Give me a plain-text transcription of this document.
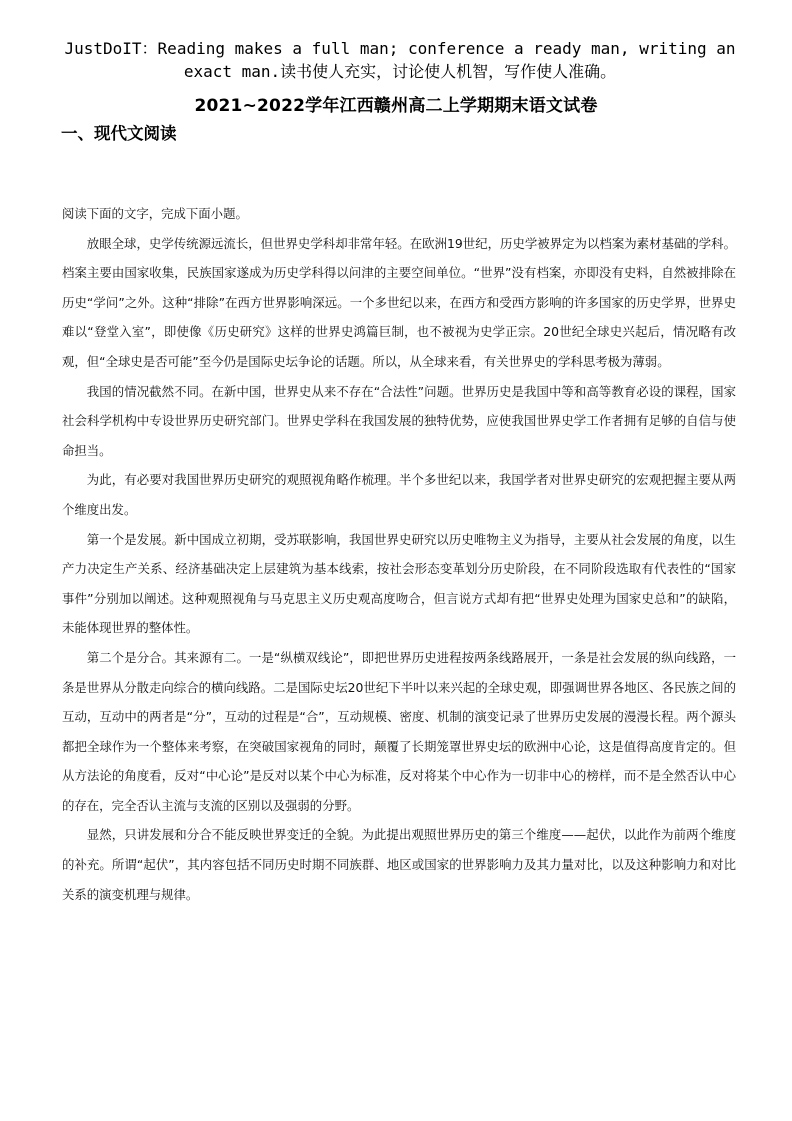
JustDoIT：Reading makes a full man; conference a ready man, writing an exact man.读书使人充实，讨论使人机智，写作使人准确。
2021~2022学年江西赣州高二上学期期末语文试卷
一、现代文阅读

阅读下面的文字，完成下面小题。

放眼全球，史学传统源远流长，但世界史学科却非常年轻。在欧洲19世纪，历史学被界定为以档案为素材基础的学科。档案主要由国家收集，民族国家遂成为历史学科得以问津的主要空间单位。“世界”没有档案，亦即没有史料，自然被排除在历史“学问”之外。这种“排除”在西方世界影响深远。一个多世纪以来，在西方和受西方影响的许多国家的历史学界，世界史难以“登堂入室”，即使像《历史研究》这样的世界史鸿篇巨制，也不被视为史学正宗。20世纪全球史兴起后，情况略有改观，但“全球史是否可能”至今仍是国际史坛争论的话题。所以，从全球来看，有关世界史的学科思考极为薄弱。

我国的情况截然不同。在新中国，世界史从来不存在“合法性”问题。世界历史是我国中等和高等教育必设的课程，国家社会科学机构中专设世界历史研究部门。世界史学科在我国发展的独特优势，应使我国世界史学工作者拥有足够的自信与使命担当。

为此，有必要对我国世界历史研究的观照视角略作梳理。半个多世纪以来，我国学者对世界史研究的宏观把握主要从两个维度出发。

第一个是发展。新中国成立初期，受苏联影响，我国世界史研究以历史唯物主义为指导，主要从社会发展的角度，以生产力决定生产关系、经济基础决定上层建筑为基本线索，按社会形态变革划分历史阶段，在不同阶段选取有代表性的“国家事件”分别加以阐述。这种观照视角与马克思主义历史观高度吻合，但言说方式却有把“世界史处理为国家史总和”的缺陷，未能体现世界的整体性。

第二个是分合。其来源有二。一是“纵横双线论”，即把世界历史进程按两条线路展开，一条是社会发展的纵向线路，一条是世界从分散走向综合的横向线路。二是国际史坛20世纪下半叶以来兴起的全球史观，即强调世界各地区、各民族之间的互动，互动中的两者是“分”，互动的过程是“合”，互动规模、密度、机制的演变记录了世界历史发展的漫漫长程。两个源头都把全球作为一个整体来考察，在突破国家视角的同时，颠覆了长期笼罩世界史坛的欧洲中心论，这是值得高度肯定的。但从方法论的角度看，反对“中心论”是反对以某个中心为标准，反对将某个中心作为一切非中心的榜样，而不是全然否认中心的存在，完全否认主流与支流的区别以及强弱的分野。

显然，只讲发展和分合不能反映世界变迁的全貌。为此提出观照世界历史的第三个维度——起伏，以此作为前两个维度的补充。所谓“起伏”，其内容包括不同历史时期不同族群、地区或国家的世界影响力及其力量对比，以及这种影响力和对比关系的演变机理与规律。
